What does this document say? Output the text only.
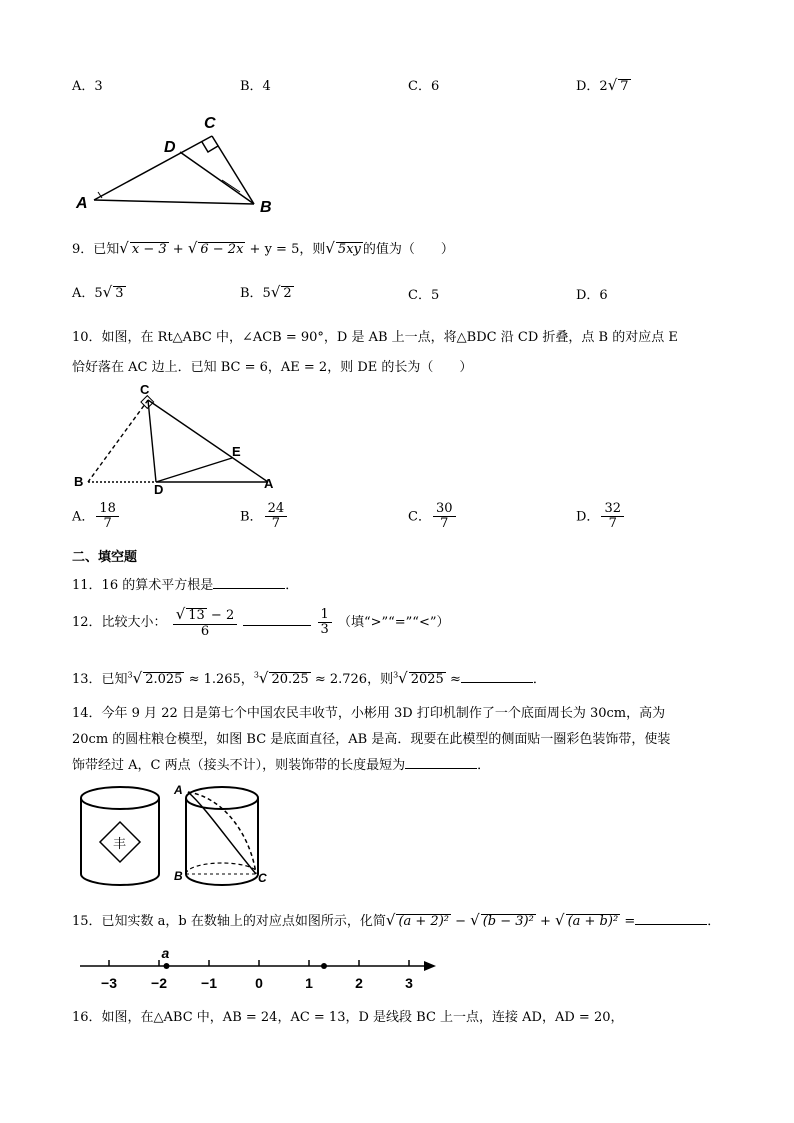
A．3	B．4	C．6	D．2√ 7
A	B
C
D
9．已知√ x − 3 + √ 6 − 2x + y = 5，则√ 5xy 的值为（　　）
A．5√ 3	B．5√ 2	C．5	D．6
10．如图，在 Rt△ABC 中，∠ACB = 90°，D 是 AB 上一点，将△BDC 沿 CD 折叠，点 B 的对应点 E
恰好落在 AC 边上．已知 BC = 6，AE = 2，则 DE 的长为（　　）
C
E
B
D	A
A． $\frac{18}{7}$	B． $\frac{24}{7}$	C． $\frac{30}{7}$	D． $\frac{32}{7}$
二、填空题
11．16 的算术平方根是	．
12．比较大小： $\frac{√ 13 - 2}{6}$
	$\frac{1}{3}$ （填“>”“=”“<”）
13．已知$^3$√ 2.025 ≈ 1.265，$^3$√ 20.25 ≈ 2.726，则$^3$√ 2025 ≈	．
14．今年 9 月 22 日是第七个中国农民丰收节，小彬用 3D 打印机制作了一个底面周长为 30cm，高为
20cm 的圆柱粮仓模型，如图 BC 是底面直径，AB 是高．现要在此模型的侧面贴一圈彩色装饰带，使装
饰带经过 A，C 两点（接头不计），则装饰带的长度最短为	．
丰
A
B	C
15．已知实数 a，b 在数轴上的对应点如图所示，化简√ (a + 2)² − √ (b − 3)² + √ (a + b)² =	．
−3 −2 −1	0	1	2	3
a
16．如图，在△ABC 中，AB = 24，AC = 13，D 是线段 BC 上一点，连接 AD，AD = 20，
